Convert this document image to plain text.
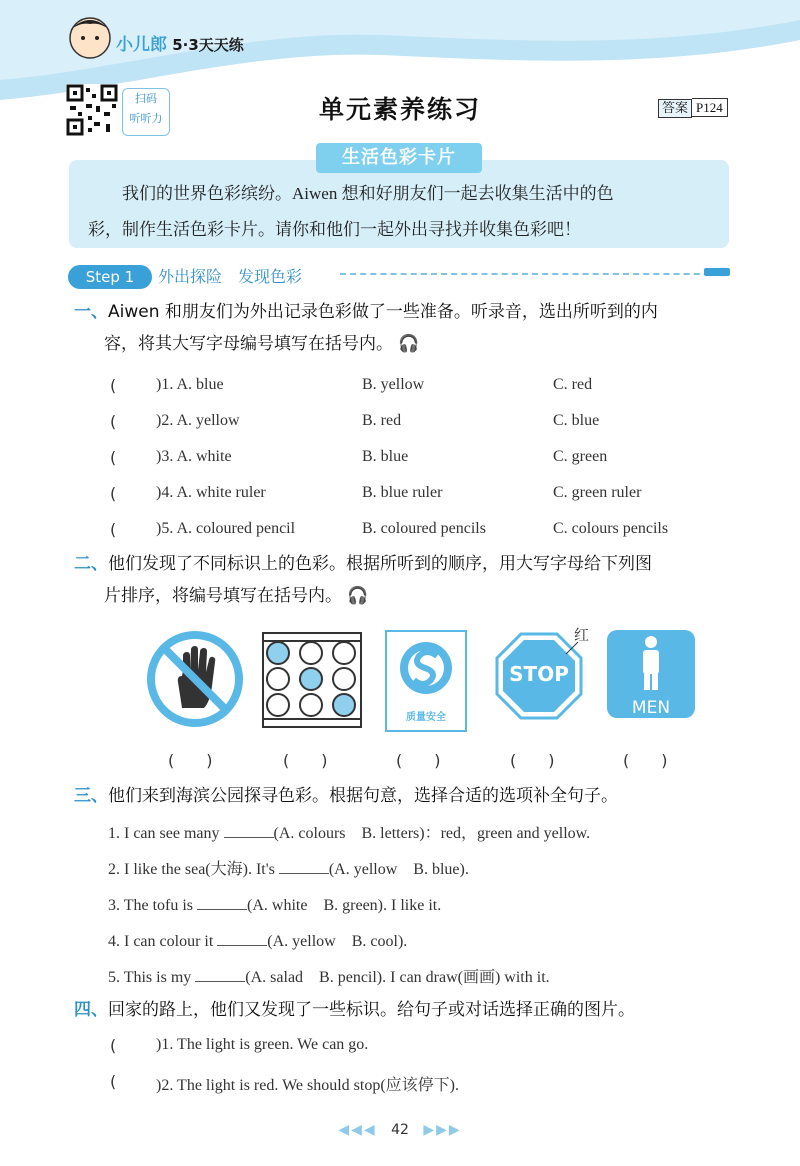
小儿郎 5·3天天练
扫码
听听力	单元素养练习	答案 P124
生活色彩卡片
我们的世界色彩缤纷。Aiwen 想和好朋友们一起去收集生活中的色
彩，制作生活色彩卡片。请你和他们一起外出寻找并收集色彩吧！
Step 1	外出探险　发现色彩
一、Aiwen 和朋友们为外出记录色彩做了一些准备。听录音，选出所听到的内
容，将其大写字母编号填写在括号内。 🎧
( )1. A. blue	B. yellow	C. red
( )2. A. yellow	B. red	C. blue
( )3. A. white	B. blue	C. green
( )4. A. white ruler	B. blue ruler	C. green ruler
( )5. A. coloured pencil	B. coloured pencils	C. colours pencils
二、他们发现了不同标识上的色彩。根据所听到的顺序，用大写字母给下列图
片排序，将编号填写在括号内。 🎧
质量安全
STOP
红
MEN
(　　)	(　　)	(　　)	(　　)	(　　)
三、他们来到海滨公园探寻色彩。根据句意，选择合适的选项补全句子。
1. I can see many	(A. colours　B. letters)：red，green and yellow.
2. I like the sea(大海). It's	(A. yellow　B. blue).
3. The tofu is	(A. white　B. green). I like it.
4. I can colour it	(A. yellow　B. cool).
5. This is my	(A. salad　B. pencil). I can draw(画画) with it.
四、回家的路上，他们又发现了一些标识。给句子或对话选择正确的图片。
( )1. The light is green. We can go.
( )2. The light is red. We should stop(应该停下).
◀◀◀ 42 ▶▶▶
